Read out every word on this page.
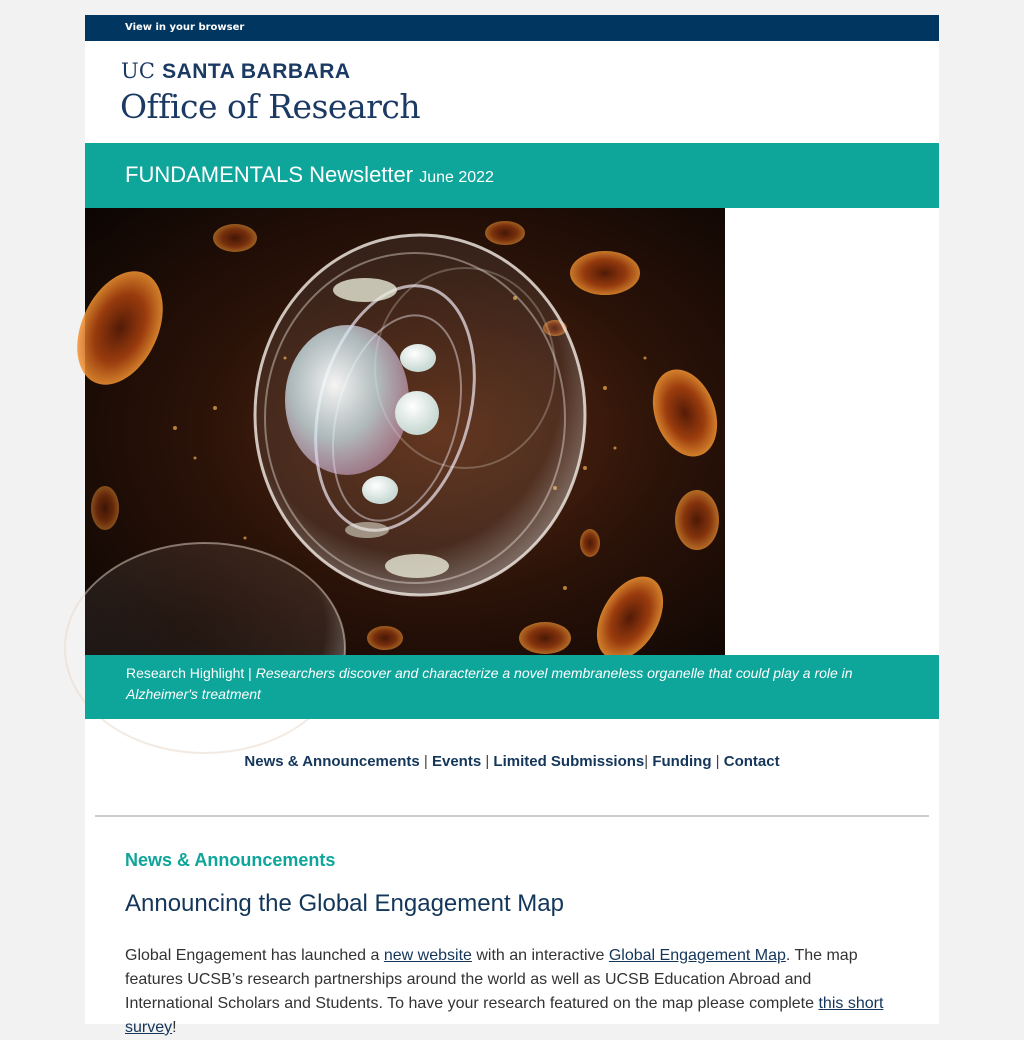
View in your browser
UC SANTA BARBARA
Office of Research
FUNDAMENTALS Newsletter June 2022

Research Highlight | Researchers discover and characterize a novel membraneless organelle that could play a role in Alzheimer's treatment

News & Announcements | Events | Limited Submissions| Funding | Contact
News & Announcements
Announcing the Global Engagement Map
Global Engagement has launched a new website with an interactive Global Engagement Map. The map features UCSB’s research partnerships around the world as well as UCSB Education Abroad and International Scholars and Students. To have your research featured on the map please complete this short survey!
